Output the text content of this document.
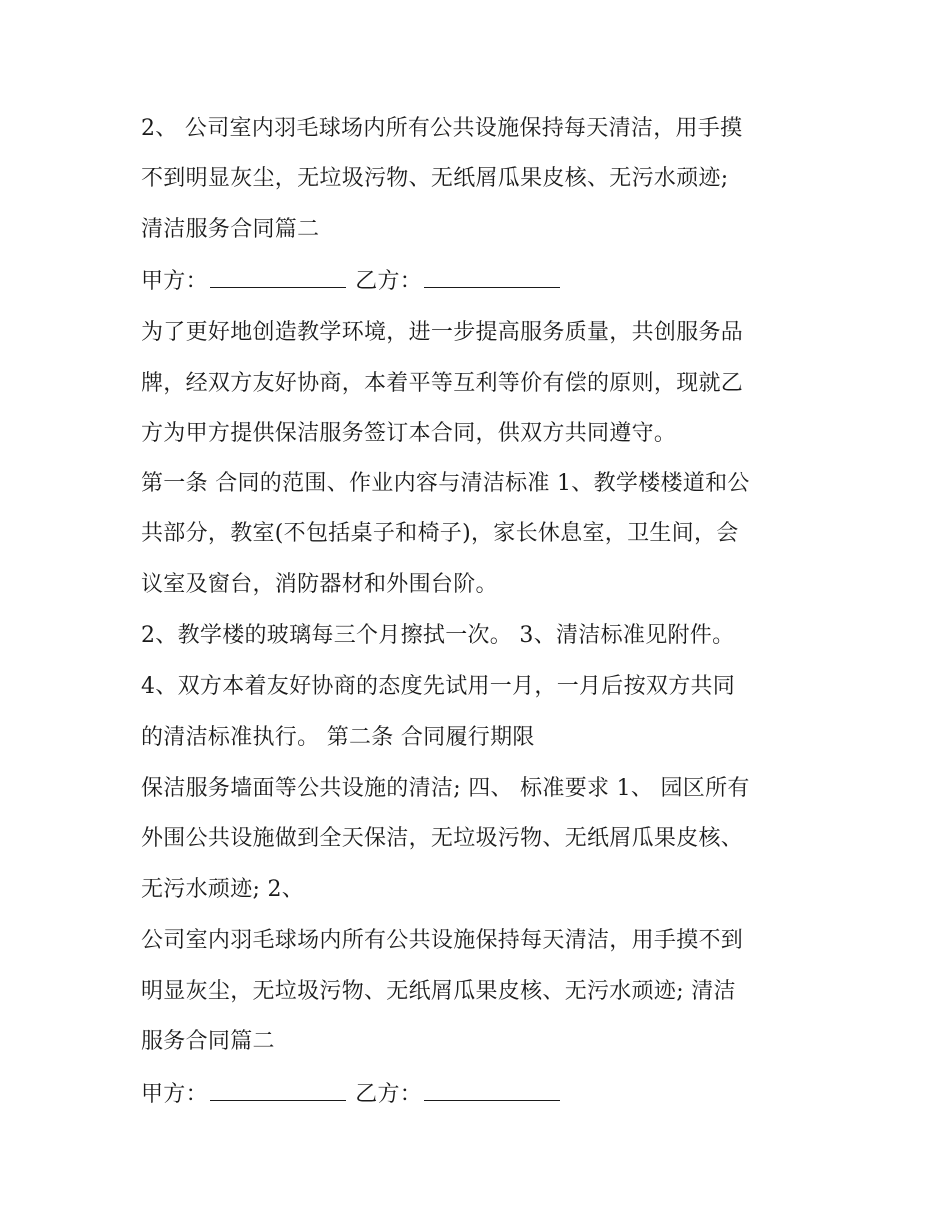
2、 公司室内羽毛球场内所有公共设施保持每天清洁，用手摸
不到明显灰尘，无垃圾污物、无纸屑瓜果皮核、无污水顽迹;
清洁服务合同篇二
甲方：	乙方：
为了更好地创造教学环境，进一步提高服务质量，共创服务品
牌，经双方友好协商，本着平等互利等价有偿的原则，现就乙
方为甲方提供保洁服务签订本合同，供双方共同遵守。
第一条 合同的范围、作业内容与清洁标准 1、教学楼楼道和公
共部分，教室(不包括桌子和椅子)，家长休息室，卫生间，会
议室及窗台，消防器材和外围台阶。
2、教学楼的玻璃每三个月擦拭一次。 3、清洁标准见附件。
4、双方本着友好协商的态度先试用一月，一月后按双方共同
的清洁标准执行。 第二条 合同履行期限
保洁服务墙面等公共设施的清洁; 四、 标准要求 1、 园区所有
外围公共设施做到全天保洁，无垃圾污物、无纸屑瓜果皮核、
无污水顽迹; 2、
公司室内羽毛球场内所有公共设施保持每天清洁，用手摸不到
明显灰尘，无垃圾污物、无纸屑瓜果皮核、无污水顽迹; 清洁
服务合同篇二
甲方：	乙方：
